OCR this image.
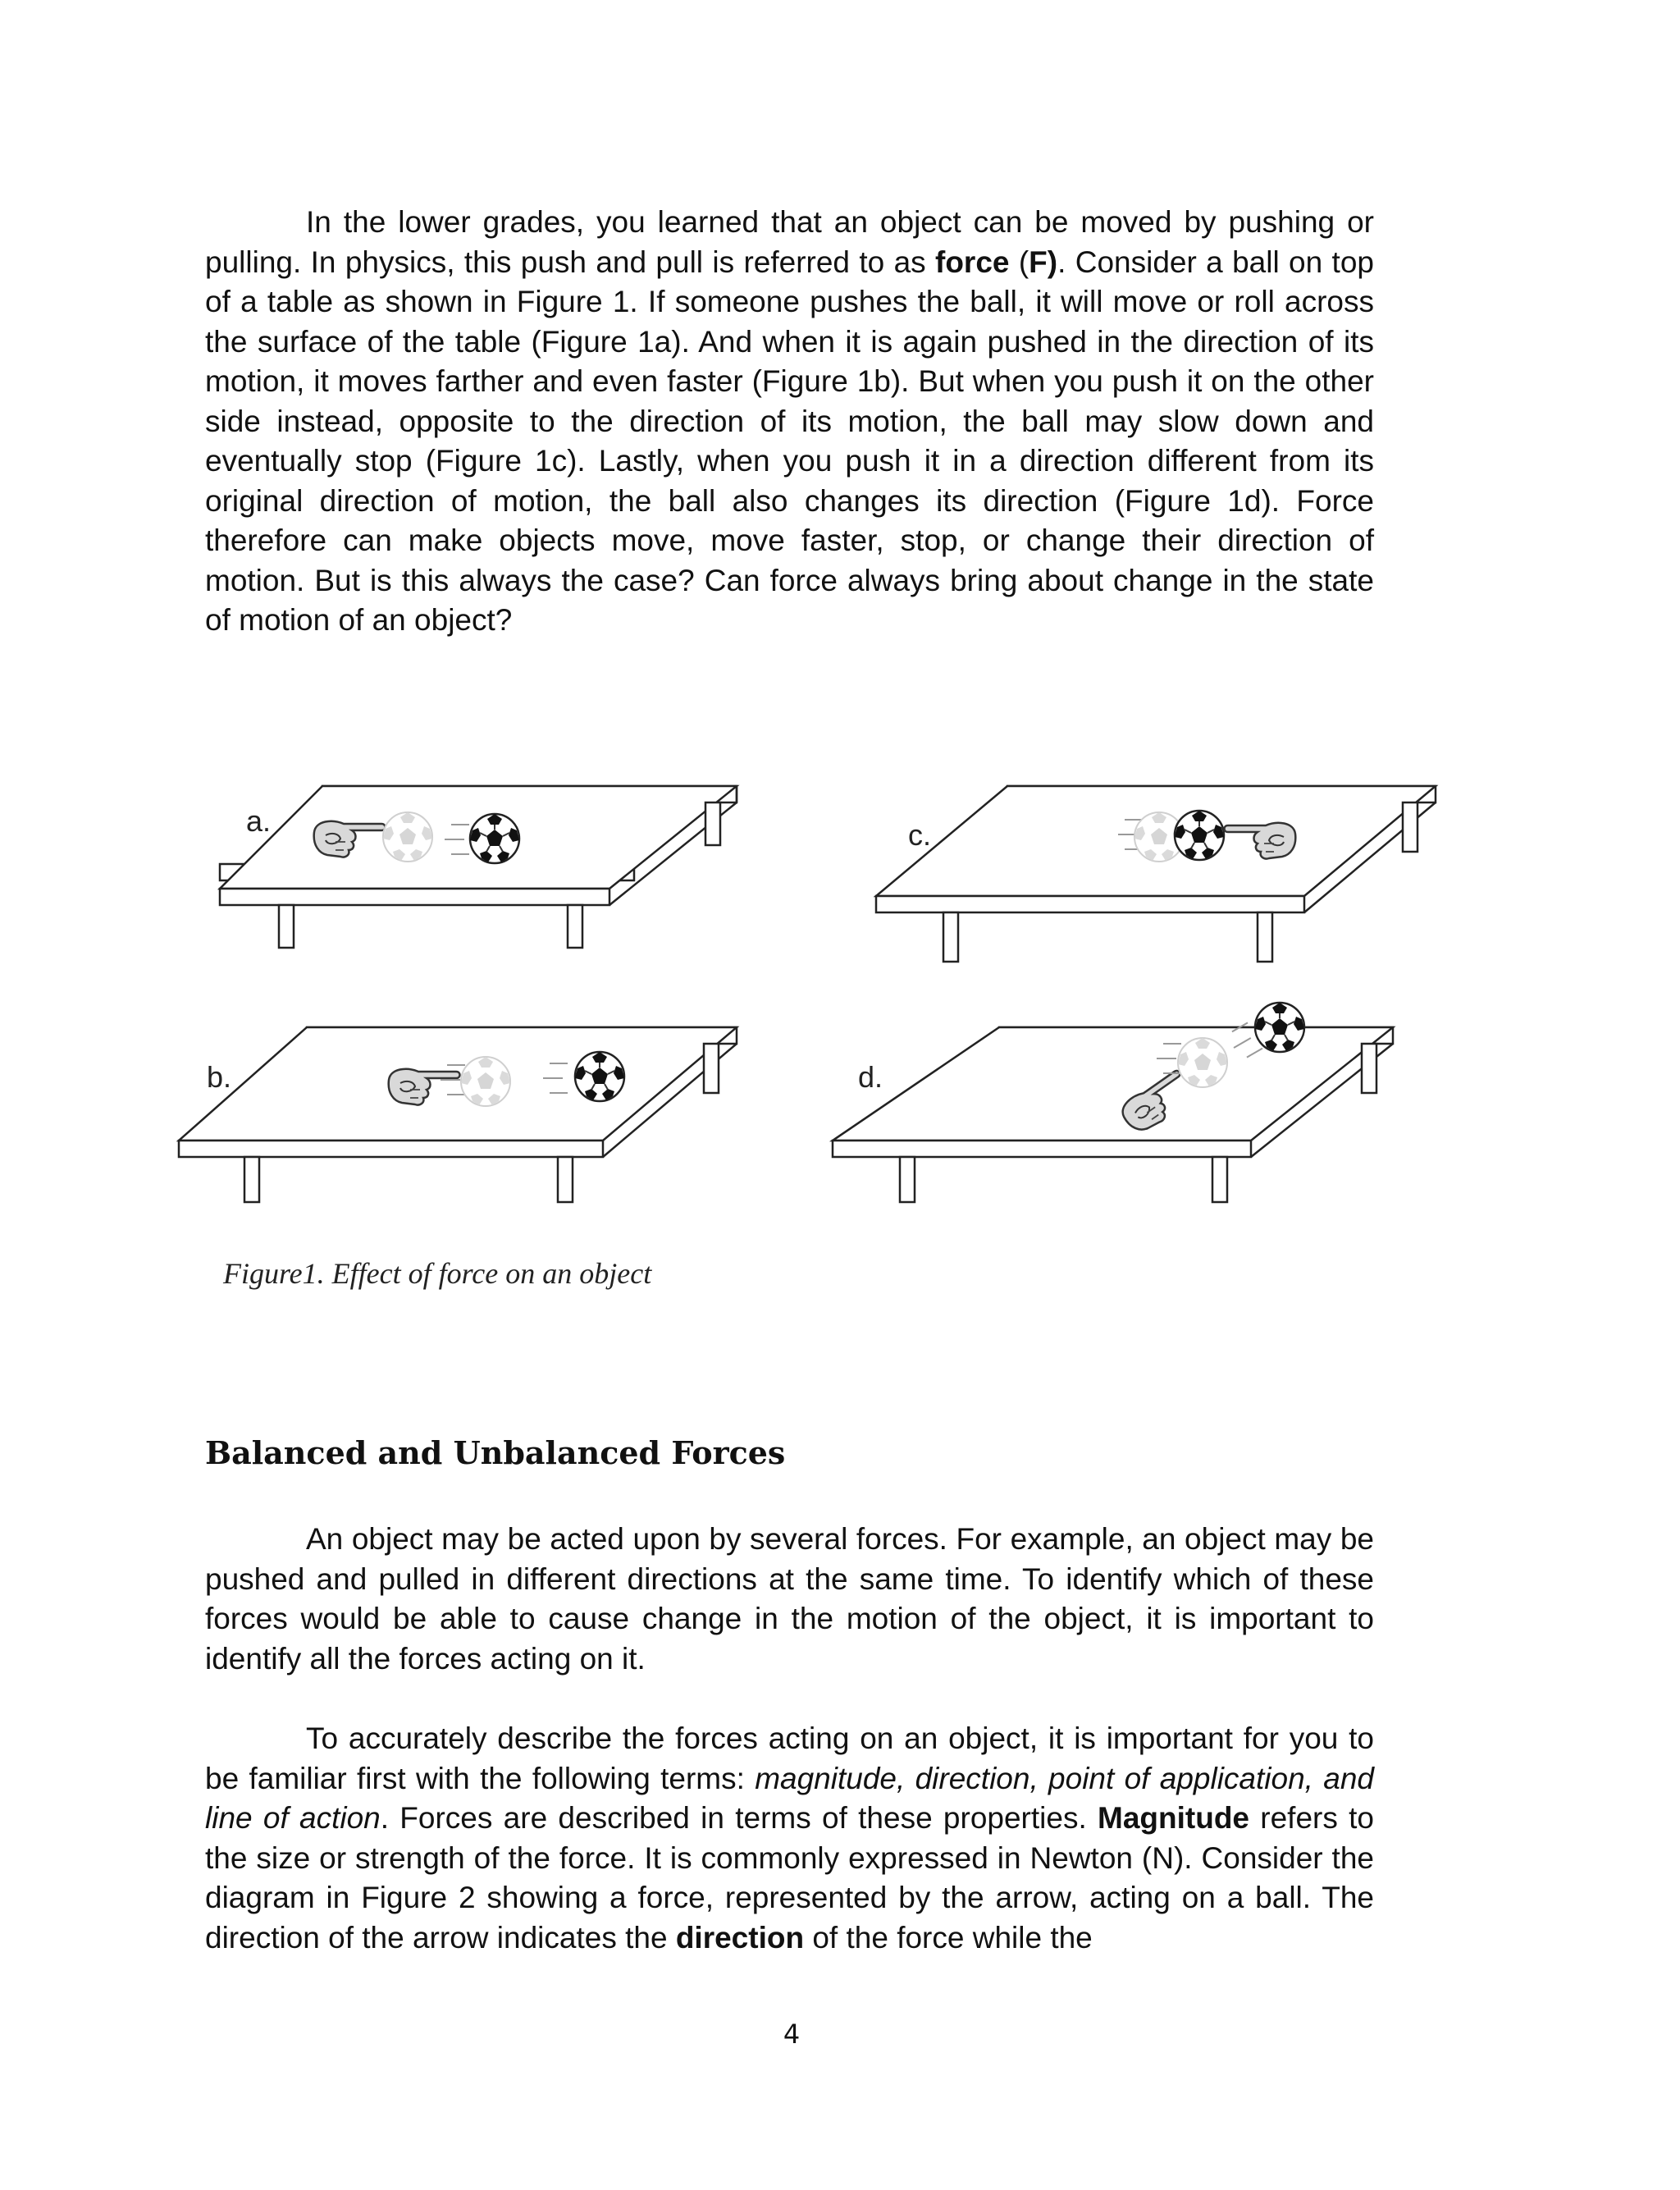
In the lower grades, you learned that an object can be moved by pushing or pulling. In physics, this push and pull is referred to as force (F). Consider a ball on top of a table as shown in Figure 1. If someone pushes the ball, it will move or roll across the surface of the table (Figure 1a). And when it is again pushed in the direction of its motion, it moves farther and even faster (Figure 1b). But when you push it on the other side instead, opposite to the direction of its motion, the ball may slow down and eventually stop (Figure 1c). Lastly, when you push it in a direction different from its original direction of motion, the ball also changes its direction (Figure 1d). Force therefore can make objects move, move faster, stop, or change their direction of motion. But is this always the case? Can force always bring about change in the state of motion of an object?

a.
b.
c.
d.

Figure1. Effect of force on an object

Balanced and Unbalanced Forces

An object may be acted upon by several forces. For example, an object may be pushed and pulled in different directions at the same time. To identify which of these forces would be able to cause change in the motion of the object, it is important to identify all the forces acting on it.

To accurately describe the forces acting on an object, it is important for you to be familiar first with the following terms: magnitude, direction, point of application, and line of action. Forces are described in terms of these properties. Magnitude refers to the size or strength of the force. It is commonly expressed in Newton (N). Consider the diagram in Figure 2 showing a force, represented by the arrow, acting on a ball. The direction of the arrow indicates the direction of the force while the

4
